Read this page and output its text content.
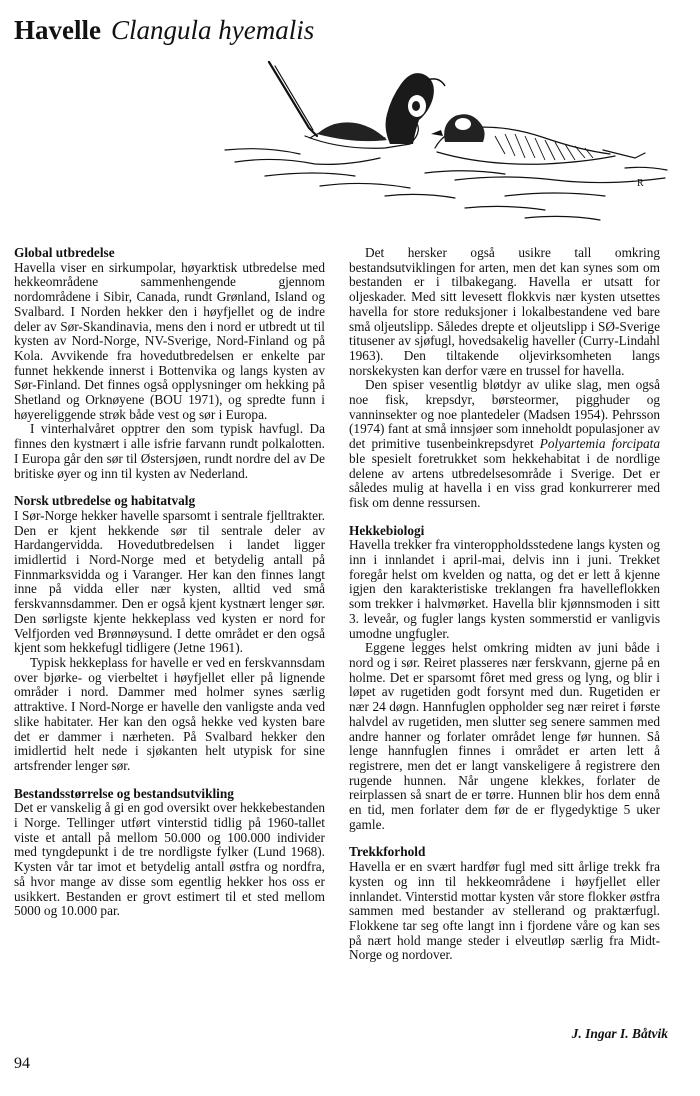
Havelle Clangula hyemalis
R
Global utbredelse

Havella viser en sirkumpolar, høyarktisk utbredelse med hekkeområdene sammenhengende gjennom nordområdene i Sibir, Canada, rundt Grønland, Island og Svalbard. I Norden hekker den i høyfjellet og de indre deler av Sør-Skandinavia, mens den i nord er utbredt ut til kysten av Nord-Norge, NV-Sverige, Nord-Finland og på Kola. Avvikende fra hovedutbredelsen er enkelte par funnet hekkende innerst i Bottenvika og langs kysten av Sør-Finland. Det finnes også opplysninger om hekking på Shetland og Orknøyene (BOU 1971), og spredte funn i høyereliggende strøk både vest og sør i Europa.

I vinterhalvåret opptrer den som typisk havfugl. Da finnes den kystnært i alle isfrie farvann rundt polkalotten. I Europa går den sør til Østersjøen, rundt nordre del av De britiske øyer og inn til kysten av Nederland.

Norsk utbredelse og habitatvalg

I Sør-Norge hekker havelle sparsomt i sentrale fjelltrakter. Den er kjent hekkende sør til sentrale deler av Hardangervidda. Hovedutbredelsen i landet ligger imidlertid i Nord-Norge med et betydelig antall på Finnmarksvidda og i Varanger. Her kan den finnes langt inne på vidda eller nær kysten, alltid ved små ferskvannsdammer. Den er også kjent kystnært lenger sør. Den sørligste kjente hekkeplass ved kysten er nord for Velfjorden ved Brønnøysund. I dette området er den også kjent som hekkefugl tidligere (Jetne 1961).

Typisk hekkeplass for havelle er ved en ferskvannsdam over bjørke- og vierbeltet i høyfjellet eller på lignende områder i nord. Dammer med holmer synes særlig attraktive. I Nord-Norge er havelle den vanligste anda ved slike habitater. Her kan den også hekke ved kysten bare det er dammer i nærheten. På Svalbard hekker den imidlertid helt nede i sjøkanten helt utypisk for sine artsfrender lenger sør.

Bestandsstørrelse og bestandsutvikling

Det er vanskelig å gi en god oversikt over hekkebestanden i Norge. Tellinger utført vinterstid tidlig på 1960-tallet viste et antall på mellom 50.000 og 100.000 individer med tyngdepunkt i de tre nordligste fylker (Lund 1968). Kysten vår tar imot et betydelig antall østfra og nordfra, så hvor mange av disse som egentlig hekker hos oss er usikkert. Bestanden er grovt estimert til et sted mellom 5000 og 10.000 par.

Det hersker også usikre tall omkring bestandsutviklingen for arten, men det kan synes som om bestanden er i tilbakegang. Havella er utsatt for oljeskader. Med sitt levesett flokkvis nær kysten utsettes havella for store reduksjoner i lokalbestandene ved bare små oljeutslipp. Således drepte et oljeutslipp i SØ-Sverige titusener av sjøfugl, hovedsakelig haveller (Curry-Lindahl 1963). Den tiltakende oljevirksomheten langs norskekysten kan derfor være en trussel for havella.

Den spiser vesentlig bløtdyr av ulike slag, men også noe fisk, krepsdyr, børsteormer, pigghuder og vanninsekter og noe plantedeler (Madsen 1954). Pehrsson (1974) fant at små innsjøer som inneholdt populasjoner av det primitive tusenbeinkrepsdyret Polyartemia forcipata ble spesielt foretrukket som hekkehabitat i de nordlige delene av artens utbredelsesområde i Sverige. Det er således mulig at havella i en viss grad konkurrerer med fisk om denne ressursen.

Hekkebiologi

Havella trekker fra vinteroppholdsstedene langs kysten og inn i innlandet i april-mai, delvis inn i juni. Trekket foregår helst om kvelden og natta, og det er lett å kjenne igjen den karakteristiske treklangen fra havelleflokken som trekker i halvmørket. Havella blir kjønnsmoden i sitt 3. leveår, og fugler langs kysten sommerstid er vanligvis umodne ungfugler.

Eggene legges helst omkring midten av juni både i nord og i sør. Reiret plasseres nær ferskvann, gjerne på en holme. Det er sparsomt fôret med gress og lyng, og blir i løpet av rugetiden godt forsynt med dun. Rugetiden er nær 24 døgn. Hannfuglen oppholder seg nær reiret i første halvdel av rugetiden, men slutter seg senere sammen med andre hanner og forlater området lenge før hunnen. Så lenge hannfuglen finnes i området er arten lett å registrere, men det er langt vanskeligere å registrere den rugende hunnen. Når ungene klekkes, forlater de reirplassen så snart de er tørre. Hunnen blir hos dem ennå en tid, men forlater dem før de er flygedyktige 5 uker gamle.

Trekkforhold

Havella er en svært hardfør fugl med sitt årlige trekk fra kysten og inn til hekkeområdene i høyfjellet eller innlandet. Vinterstid mottar kysten vår store flokker østfra sammen med bestander av stellerand og praktærfugl. Flokkene tar seg ofte langt inn i fjordene våre og kan ses på nært hold mange steder i elveutløp særlig fra Midt-Norge og nordover.

J. Ingar I. Båtvik

94
